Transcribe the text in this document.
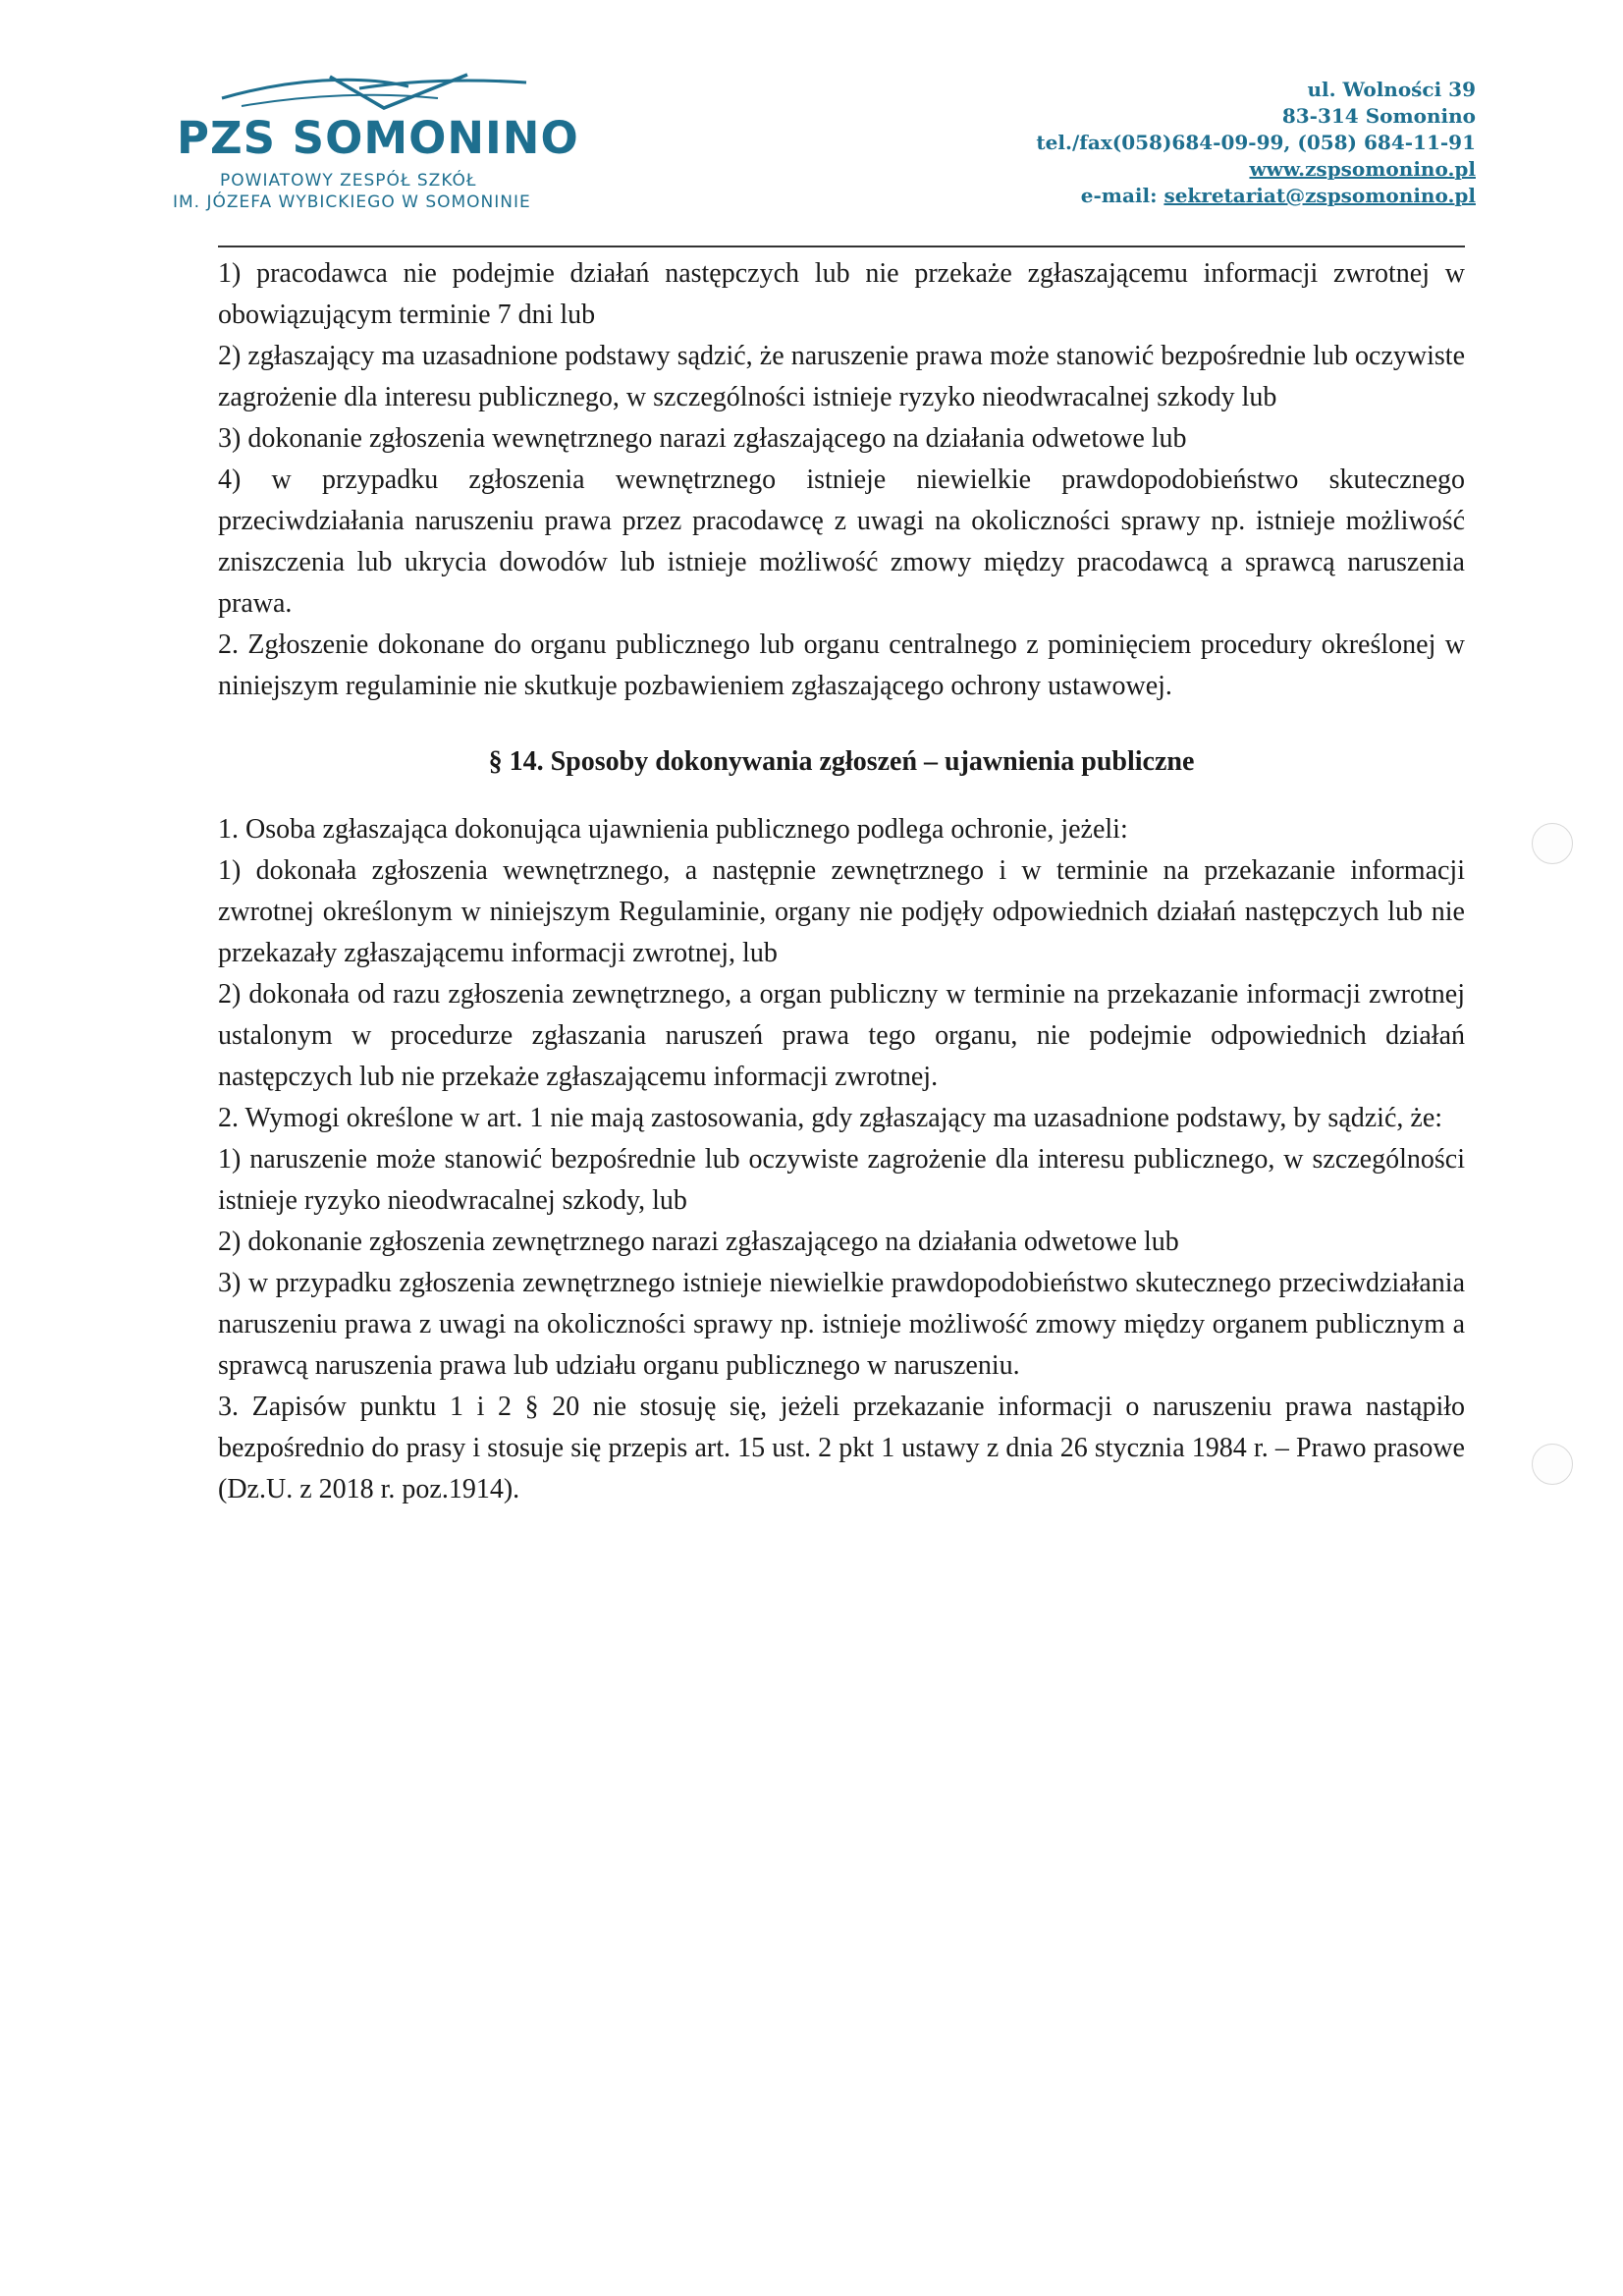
PZS SOMONINO
POWIATOWY ZESPÓŁ SZKÓŁ
IM. JÓZEFA WYBICKIEGO W SOMONINIE
ul. Wolności 39
83-314 Somonino
tel./fax(058)684-09-99, (058) 684-11-91
www.zspsomonino.pl
e-mail: sekretariat@zspsomonino.pl

1) pracodawca nie podejmie działań następczych lub nie przekaże zgłaszającemu informacji zwrotnej w obowiązującym terminie 7 dni lub

2) zgłaszający ma uzasadnione podstawy sądzić, że naruszenie prawa może stanowić bezpośrednie lub oczywiste zagrożenie dla interesu publicznego, w szczególności istnieje ryzyko nieodwracalnej szkody lub

3) dokonanie zgłoszenia wewnętrznego narazi zgłaszającego na działania odwetowe lub

4) w przypadku zgłoszenia wewnętrznego istnieje niewielkie prawdopodobieństwo skutecznego przeciwdziałania naruszeniu prawa przez pracodawcę z uwagi na okoliczności sprawy np. istnieje możliwość zniszczenia lub ukrycia dowodów lub istnieje możliwość zmowy między pracodawcą a sprawcą naruszenia prawa.

2. Zgłoszenie dokonane do organu publicznego lub organu centralnego z pominięciem procedury określonej w niniejszym regulaminie nie skutkuje pozbawieniem zgłaszającego ochrony ustawowej.

§ 14. Sposoby dokonywania zgłoszeń – ujawnienia publiczne

1. Osoba zgłaszająca dokonująca ujawnienia publicznego podlega ochronie, jeżeli:

1) dokonała zgłoszenia wewnętrznego, a następnie zewnętrznego i w terminie na przekazanie informacji zwrotnej określonym w niniejszym Regulaminie, organy nie podjęły odpowiednich działań następczych lub nie przekazały zgłaszającemu informacji zwrotnej, lub

2) dokonała od razu zgłoszenia zewnętrznego, a organ publiczny w terminie na przekazanie informacji zwrotnej ustalonym w procedurze zgłaszania naruszeń prawa tego organu, nie podejmie odpowiednich działań następczych lub nie przekaże zgłaszającemu informacji zwrotnej.

2. Wymogi określone w art. 1 nie mają zastosowania, gdy zgłaszający ma uzasadnione podstawy, by sądzić, że:

1) naruszenie może stanowić bezpośrednie lub oczywiste zagrożenie dla interesu publicznego, w szczególności istnieje ryzyko nieodwracalnej szkody, lub

2) dokonanie zgłoszenia zewnętrznego narazi zgłaszającego na działania odwetowe lub

3) w przypadku zgłoszenia zewnętrznego istnieje niewielkie prawdopodobieństwo skutecznego przeciwdziałania naruszeniu prawa z uwagi na okoliczności sprawy np. istnieje możliwość zmowy między organem publicznym a sprawcą naruszenia prawa lub udziału organu publicznego w naruszeniu.

3. Zapisów punktu 1 i 2 § 20 nie stosuję się, jeżeli przekazanie informacji o naruszeniu prawa nastąpiło bezpośrednio do prasy i stosuje się przepis art. 15 ust. 2 pkt 1 ustawy z dnia 26 stycznia 1984 r. – Prawo prasowe (Dz.U. z 2018 r. poz.1914).
